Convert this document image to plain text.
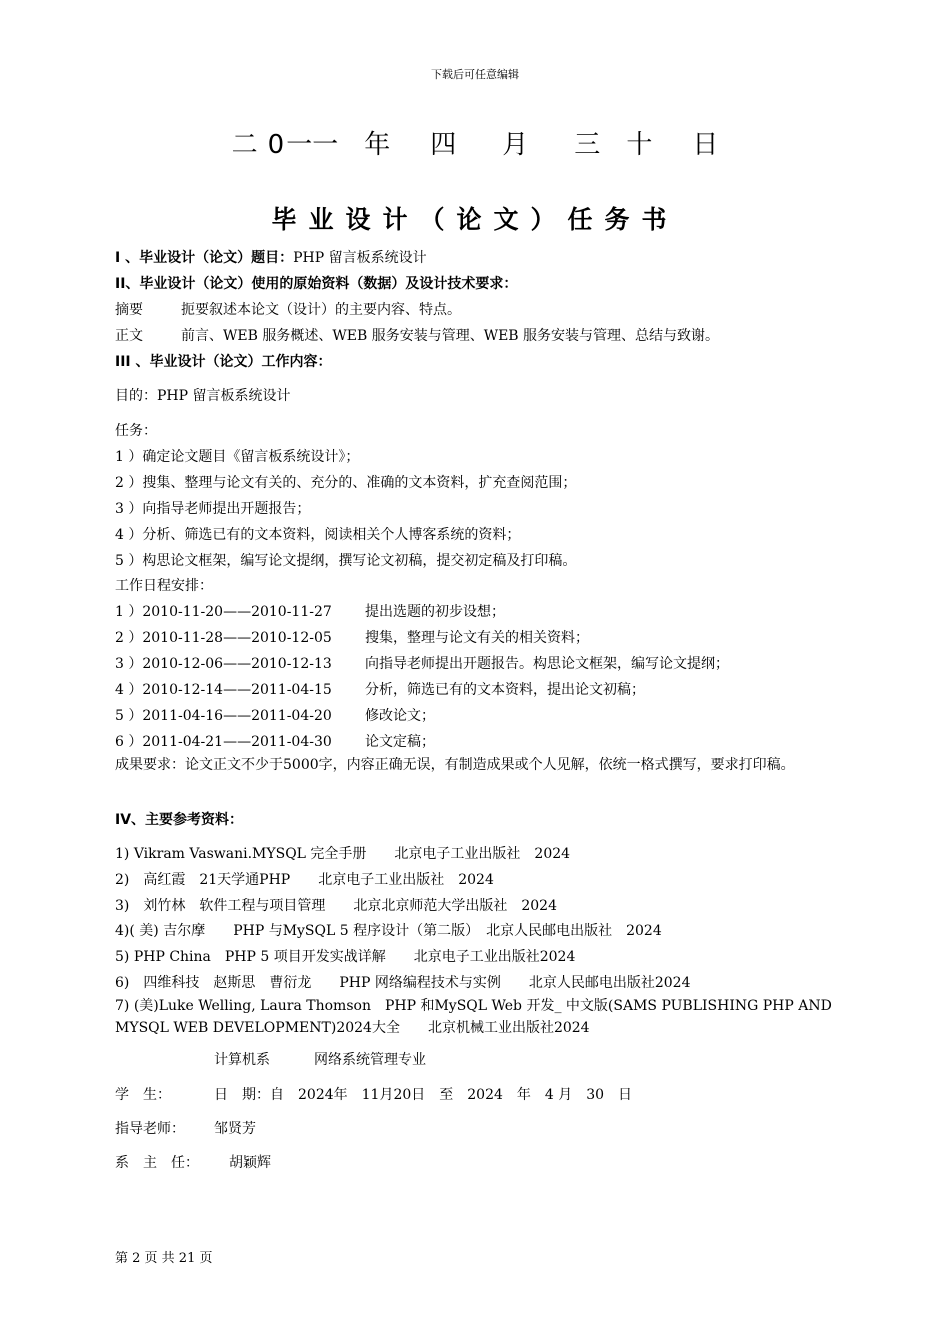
下载后可任意编辑
二 0一一 年 四 月 三 十 日
毕业设计（论文）任务书
I 、毕业设计（论文）题目：PHP 留言板系统设计
II、毕业设计（论文）使用的原始资料（数据）及设计技术要求：
摘要	扼要叙述本论文（设计）的主要内容、特点。
正文	前言、WEB 服务概述、WEB 服务安装与管理、WEB 服务安装与管理、总结与致谢。
III 、毕业设计（论文）工作内容：
目的：PHP 留言板系统设计
任务：
1 ）确定论文题目《留言板系统设计》；
2 ）搜集、整理与论文有关的、充分的、准确的文本资料，扩充查阅范围；
3 ）向指导老师提出开题报告；
4 ）分析、筛选已有的文本资料，阅读相关个人博客系统的资料；
5 ）构思论文框架，编写论文提纲，撰写论文初稿，提交初定稿及打印稿。
工作日程安排：
1 ）2010-11-20——2010-11-27 提出选题的初步设想；
2 ）2010-11-28——2010-12-05 搜集，整理与论文有关的相关资料；
3 ）2010-12-06——2010-12-13 向指导老师提出开题报告。构思论文框架，编写论文提纲；
4 ）2010-12-14——2011-04-15 分析，筛选已有的文本资料，提出论文初稿；
5 ）2011-04-16——2011-04-20 修改论文；
6 ）2011-04-21——2011-04-30 论文定稿；
成果要求：论文正文不少于5000字，内容正确无误，有制造成果或个人见解，依统一格式撰写，要求打印稿。
IV、主要参考资料：
1) Vikram Vaswani.MYSQL 完全手册　　北京电子工业出版社　2024
2)　高红霞　21天学通PHP　　北京电子工业出版社　2024
3)　刘竹林　软件工程与项目管理　　北京北京师范大学出版社　2024
4)( 美) 吉尔摩　　PHP 与MySQL 5 程序设计（第二版）　北京人民邮电出版社　2024
5) PHP China　PHP 5 项目开发实战详解　　北京电子工业出版社2024
6)　四维科技　赵斯思　曹衍龙　　PHP 网络编程技术与实例　　北京人民邮电出版社2024
7) (美)Luke Welling, Laura Thomson　PHP 和MySQL Web 开发_ 中文版(SAMS PUBLISHING PHP AND MYSQL WEB DEVELOPMENT)2024大全　　北京机械工业出版社2024
计算机系	网络系统管理专业
学　生：	日　期：自　2024年　11月20日　至　2024　年　4 月　30　日
指导老师： 邹贤芳
系　主　任： 胡颖辉
第 2 页 共 21 页
